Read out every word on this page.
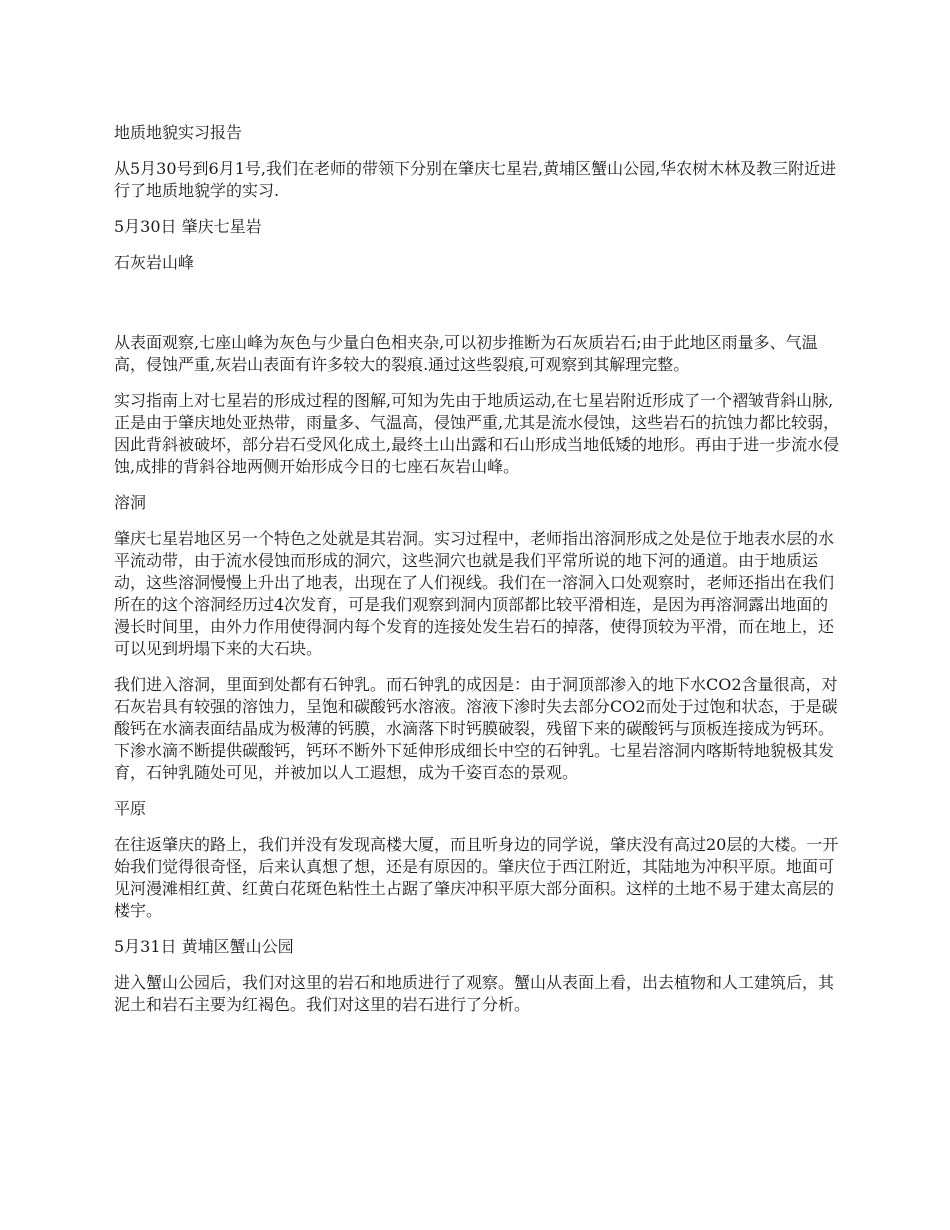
地质地貌实习报告

从5月30号到6月1号,我们在老师的带领下分别在肇庆七星岩,黄埔区蟹山公园,华农树木林及教三附近进行了地质地貌学的实习.

5月30日 肇庆七星岩

石灰岩山峰

从表面观察,七座山峰为灰色与少量白色相夹杂,可以初步推断为石灰质岩石;由于此地区雨量多、气温高，侵蚀严重,灰岩山表面有许多较大的裂痕.通过这些裂痕,可观察到其解理完整。

实习指南上对七星岩的形成过程的图解,可知为先由于地质运动,在七星岩附近形成了一个褶皱背斜山脉,正是由于肇庆地处亚热带，雨量多、气温高，侵蚀严重,尤其是流水侵蚀，这些岩石的抗蚀力都比较弱，因此背斜被破坏，部分岩石受风化成土,最终土山出露和石山形成当地低矮的地形。再由于进一步流水侵蚀,成排的背斜谷地两侧开始形成今日的七座石灰岩山峰。

溶洞

肇庆七星岩地区另一个特色之处就是其岩洞。实习过程中，老师指出溶洞形成之处是位于地表水层的水平流动带，由于流水侵蚀而形成的洞穴，这些洞穴也就是我们平常所说的地下河的通道。由于地质运动，这些溶洞慢慢上升出了地表，出现在了人们视线。我们在一溶洞入口处观察时，老师还指出在我们所在的这个溶洞经历过4次发育，可是我们观察到洞内顶部都比较平滑相连，是因为再溶洞露出地面的漫长时间里，由外力作用使得洞内每个发育的连接处发生岩石的掉落，使得顶较为平滑，而在地上，还可以见到坍塌下来的大石块。

我们进入溶洞，里面到处都有石钟乳。而石钟乳的成因是：由于洞顶部渗入的地下水CO2含量很高，对石灰岩具有较强的溶蚀力，呈饱和碳酸钙水溶液。溶液下渗时失去部分CO2而处于过饱和状态，于是碳酸钙在水滴表面结晶成为极薄的钙膜，水滴落下时钙膜破裂，残留下来的碳酸钙与顶板连接成为钙环。下渗水滴不断提供碳酸钙，钙环不断外下延伸形成细长中空的石钟乳。七星岩溶洞内喀斯特地貌极其发育，石钟乳随处可见，并被加以人工遐想，成为千姿百态的景观。

平原

在往返肇庆的路上，我们并没有发现高楼大厦，而且听身边的同学说，肇庆没有高过20层的大楼。一开始我们觉得很奇怪，后来认真想了想，还是有原因的。肇庆位于西江附近，其陆地为冲积平原。地面可见河漫滩相红黄、红黄白花斑色粘性土占踞了肇庆冲积平原大部分面积。这样的土地不易于建太高层的楼宇。

5月31日 黄埔区蟹山公园

进入蟹山公园后，我们对这里的岩石和地质进行了观察。蟹山从表面上看，出去植物和人工建筑后，其泥土和岩石主要为红褐色。我们对这里的岩石进行了分析。
